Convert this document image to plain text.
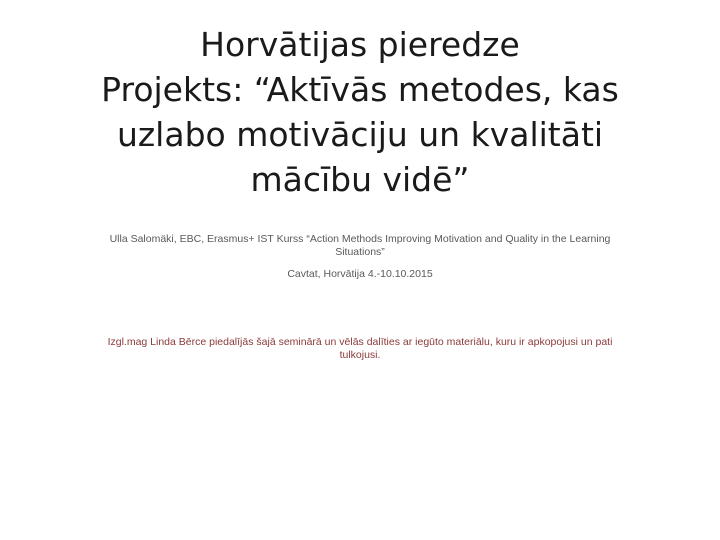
Horvātijas pieredze
Projekts: “Aktīvās metodes, kas
uzlabo motivāciju un kvalitāti
mācību vidē”
Ulla Salomäki, EBC, Erasmus+ IST Kurss “Action Methods Improving Motivation and Quality in the Learning Situations”
Cavtat, Horvātija 4.-10.10.2015
Izgl.mag Linda Bērce piedalījās šajā seminārā un vēlās dalīties ar iegūto materiālu, kuru ir apkopojusi un pati tulkojusi.
